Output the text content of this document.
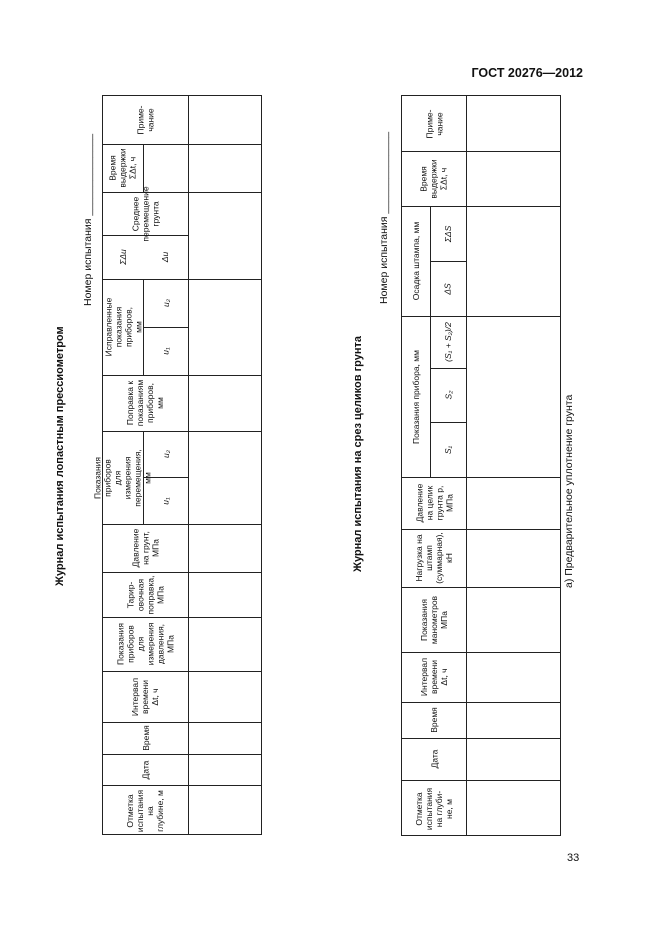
ГОСТ 20276—2012
Журнал испытания лопастным прессиометром
Номер испытания ______________
Приме-
чание
Время
выдержки
ΣΔt, ч
Среднее
перемещение
грунта
Δu
ΣΔu
Исправленные
показания приборов,
мм
u₂
u₁
Поправка к
показаниям
приборов,
мм
Показания приборов
для измерения
перемещения, мм
u₂
u₁
Давление
на грунт,
МПа
Тарир-
овочная
поправка,
МПа
Показания
приборов
для
измерения
давления,
МПа
Интервал
времени
Δt, ч
Время
Дата
Отметка
испытания
на
глубине, м
Журнал испытания на срез целиков грунта
Номер испытания ______________
а) Предварительное уплотнение грунта
Приме-
чание
Время
выдержки
ΣΔt, ч
Осадка штампа, мм	ΣΔS
ΔS
Показания прибора, мм
(S₁ + S₂)/2
S₂
S₁
Давление
на целик
грунта p,
МПа
Нагрузка на
штамп
(суммарная),
кН
Показания
манометров
МПа
Интервал
времени
Δt, ч
Время
Дата
Отметка
испытания
на глуби-
не, м
33
